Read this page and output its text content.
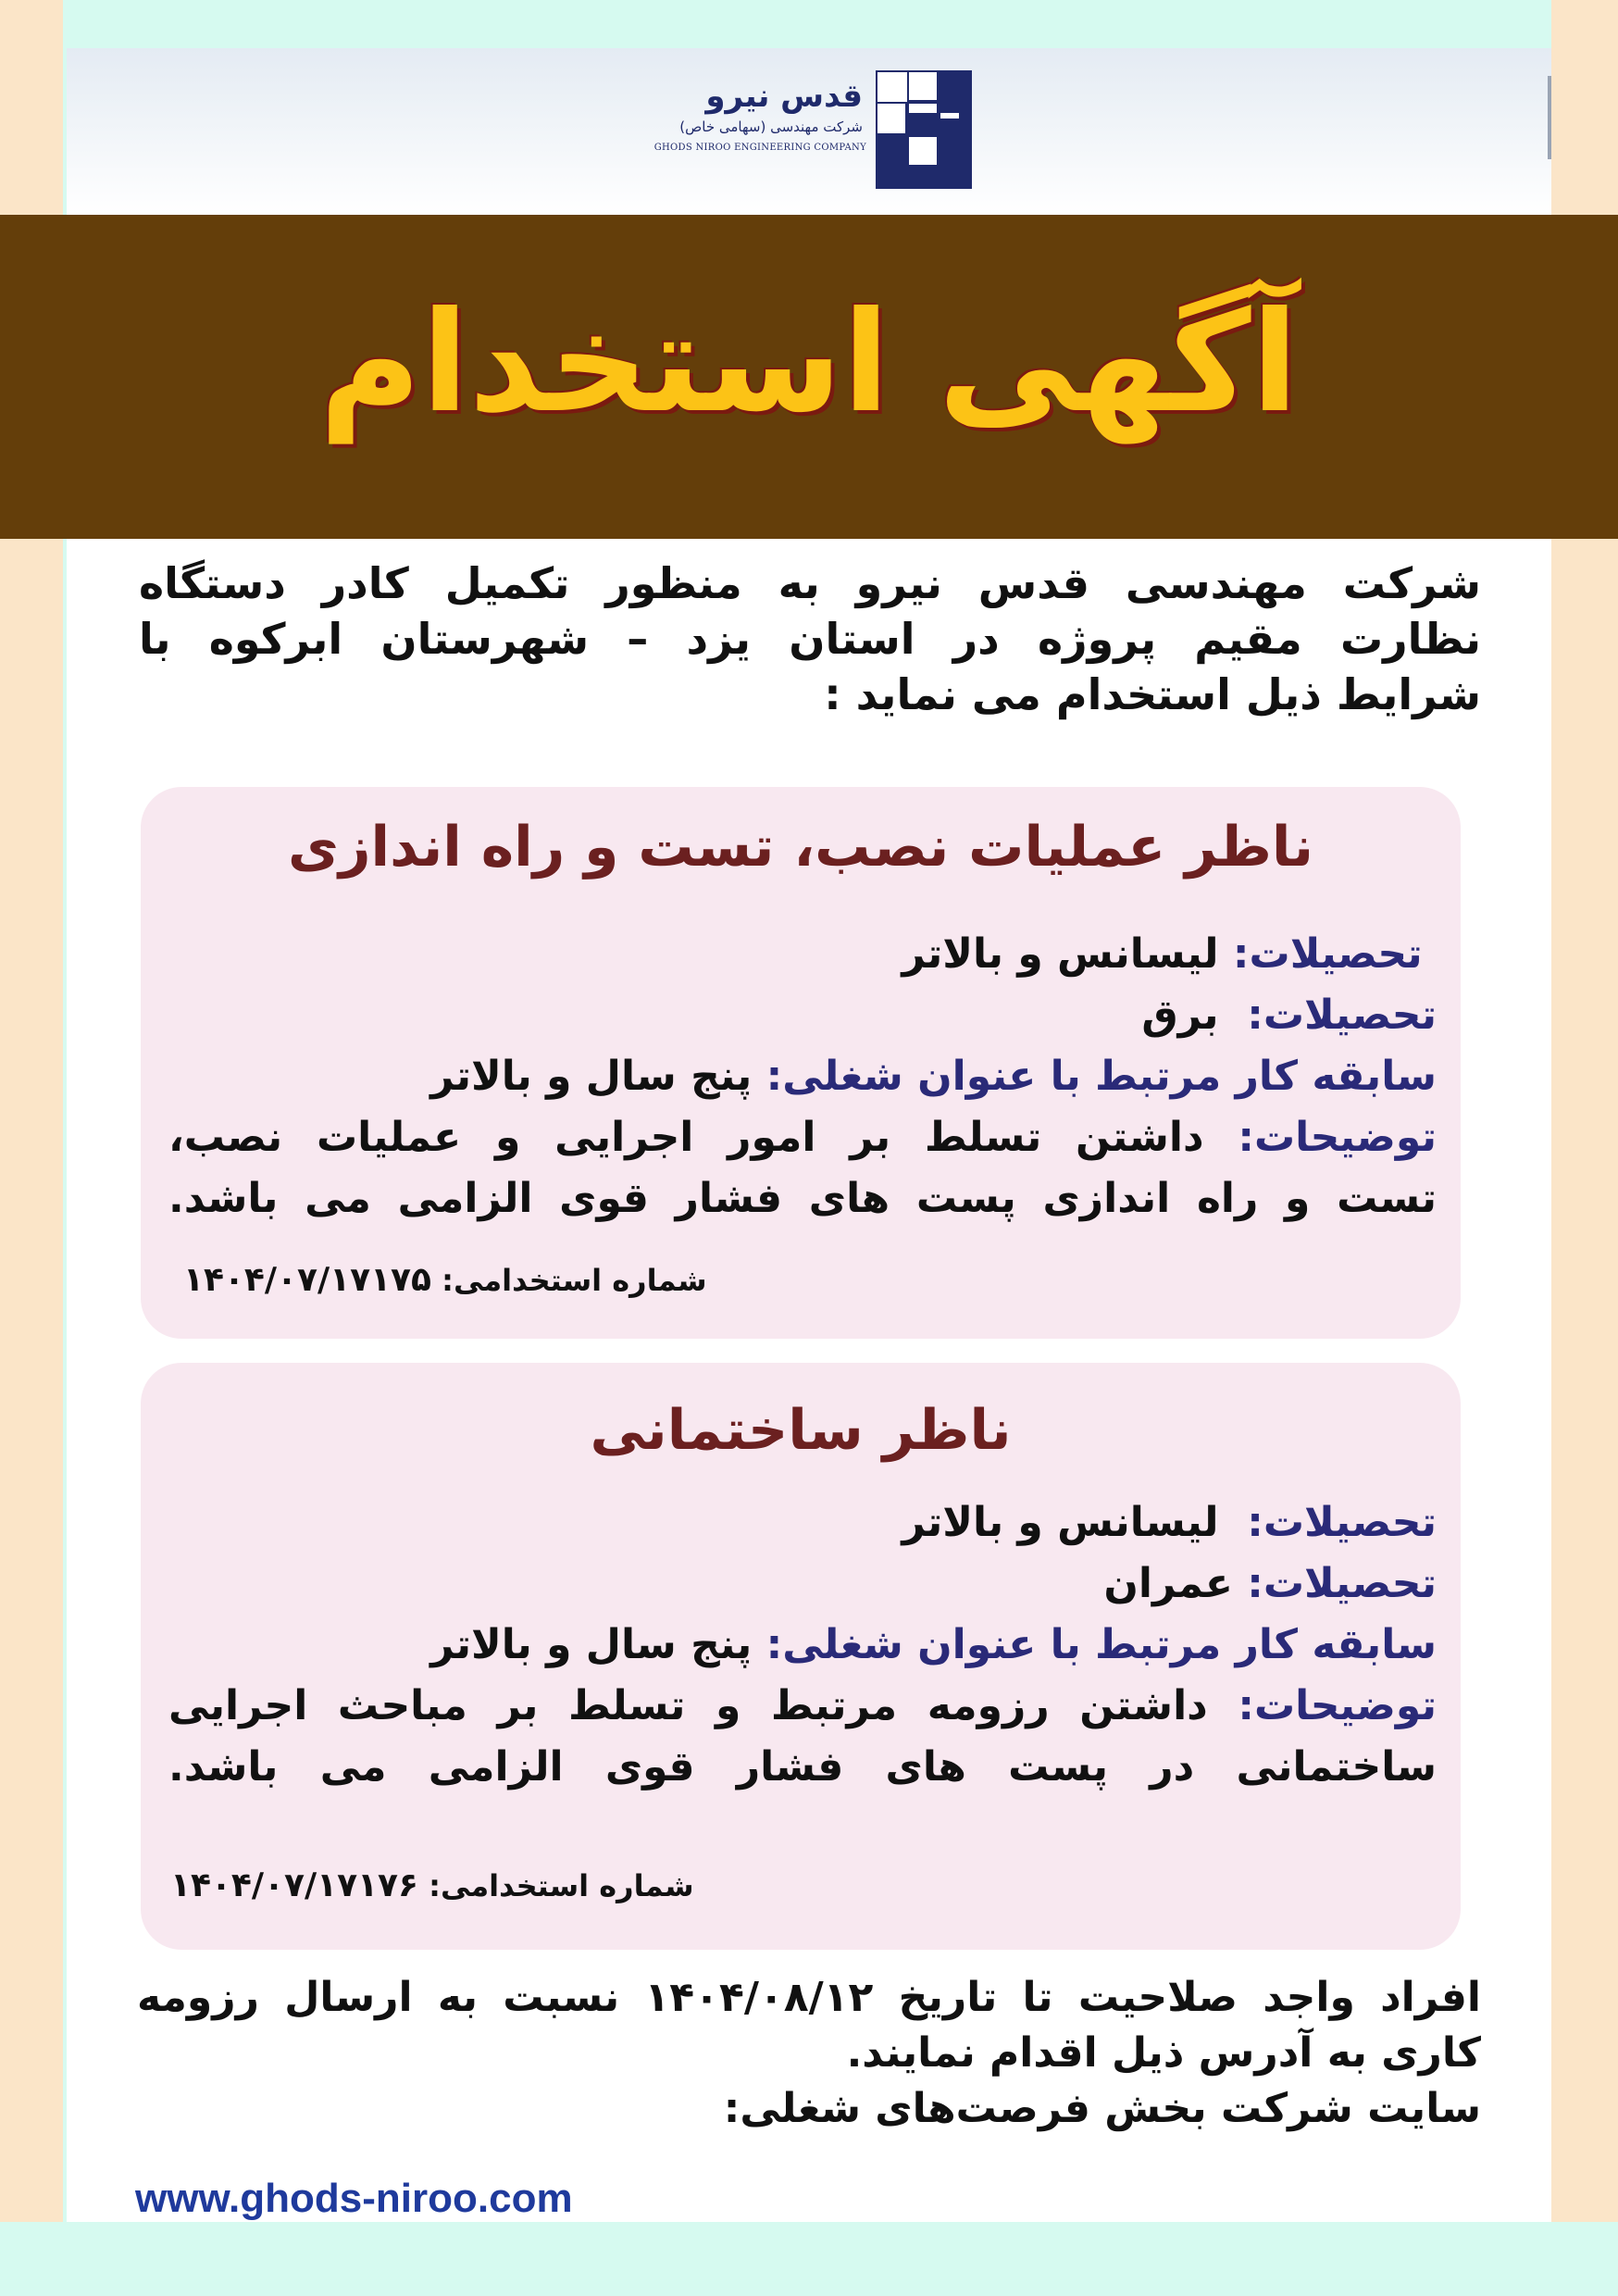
قدس نیرو
شرکت مهندسی (سهامی خاص)
GHODS NIROO ENGINEERING COMPANY
آگهی استخدام

شرکت مهندسی قدس نیرو به منظور تکمیل کادر دستگاه

نظارت مقیم پروژه در استان یزد – شهرستان ابرکوه با

شرایط ذیل استخدام می نماید :

ناظر عملیات نصب، تست و راه اندازی
تحصیلات: لیسانس و بالاتر
تحصیلات:  برق
سابقه کار مرتبط با عنوان شغلی: پنج سال و بالاتر

توضیحات: داشتن تسلط بر امور اجرایی و عملیات نصب،

تست و راه اندازی پست های فشار قوی الزامی می باشد.

شماره استخدامی: ۱۴۰۴/۰۷/۱۷۱۷۵
ناظر ساختمانی
تحصیلات:  لیسانس و بالاتر
تحصیلات: عمران
سابقه کار مرتبط با عنوان شغلی: پنج سال و بالاتر

توضیحات: داشتن رزومه مرتبط و تسلط بر مباحث اجرایی

ساختمانی در پست های فشار قوی الزامی می باشد.

شماره استخدامی: ۱۴۰۴/۰۷/۱۷۱۷۶

افراد واجد صلاحیت تا تاریخ ۱۴۰۴/۰۸/۱۲ نسبت به ارسال رزومه

کاری به آدرس ذیل اقدام نمایند.

سایت شرکت بخش فرصت‌های شغلی:

www.ghods-niroo.com
